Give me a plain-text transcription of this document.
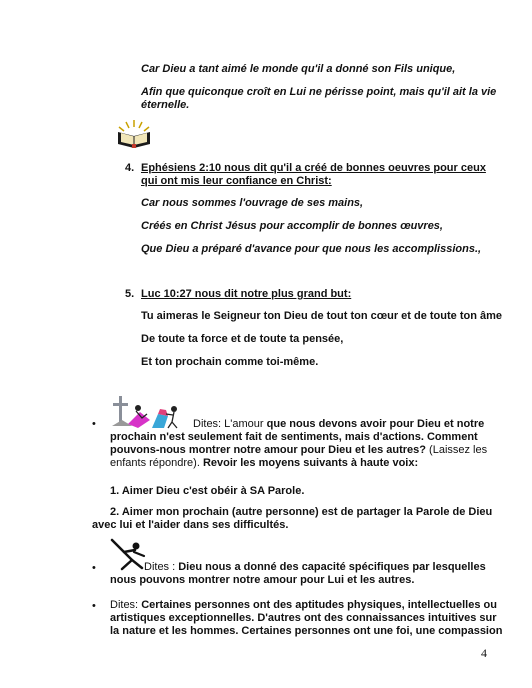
Car Dieu a tant aimé le monde qu'il a donné son Fils unique,
Afin que quiconque croît en Lui ne périsse point, mais qu'il ait la vie
éternelle.
4. Ephésiens 2:10 nous dit qu'il a créé de bonnes oeuvres pour ceux
qui ont mis leur confiance en Christ:
Car nous sommes l'ouvrage de ses mains,
Créés en Christ Jésus pour accomplir de bonnes œuvres,
Que Dieu a préparé d'avance pour que nous les accomplissions.,
5. Luc 10:27 nous dit notre plus grand but:
Tu aimeras le Seigneur ton Dieu de tout ton cœur et de toute ton âme
De toute ta force et de toute ta pensée,
Et ton prochain comme toi-même.
•	Dites: L'amour que nous devons avoir pour Dieu et notre
prochain n'est seulement fait de sentiments, mais d'actions. Comment
pouvons-nous montrer notre amour pour Dieu et les autres? (Laissez les
enfants répondre). Revoir les moyens suivants à haute voix:
1. Aimer Dieu c'est obéir à SA Parole.
2. Aimer mon prochain (autre personne) est de partager la Parole de Dieu
avec lui et l'aider dans ses difficultés.
•	Dites : Dieu nous a donné des capacité spécifiques par lesquelles
nous pouvons montrer notre amour pour Lui et les autres.
• Dites: Certaines personnes ont des aptitudes physiques, intellectuelles ou
artistiques exceptionnelles. D'autres ont des connaissances intuitives sur
la nature et les hommes. Certaines personnes ont une foi, une compassion
4
